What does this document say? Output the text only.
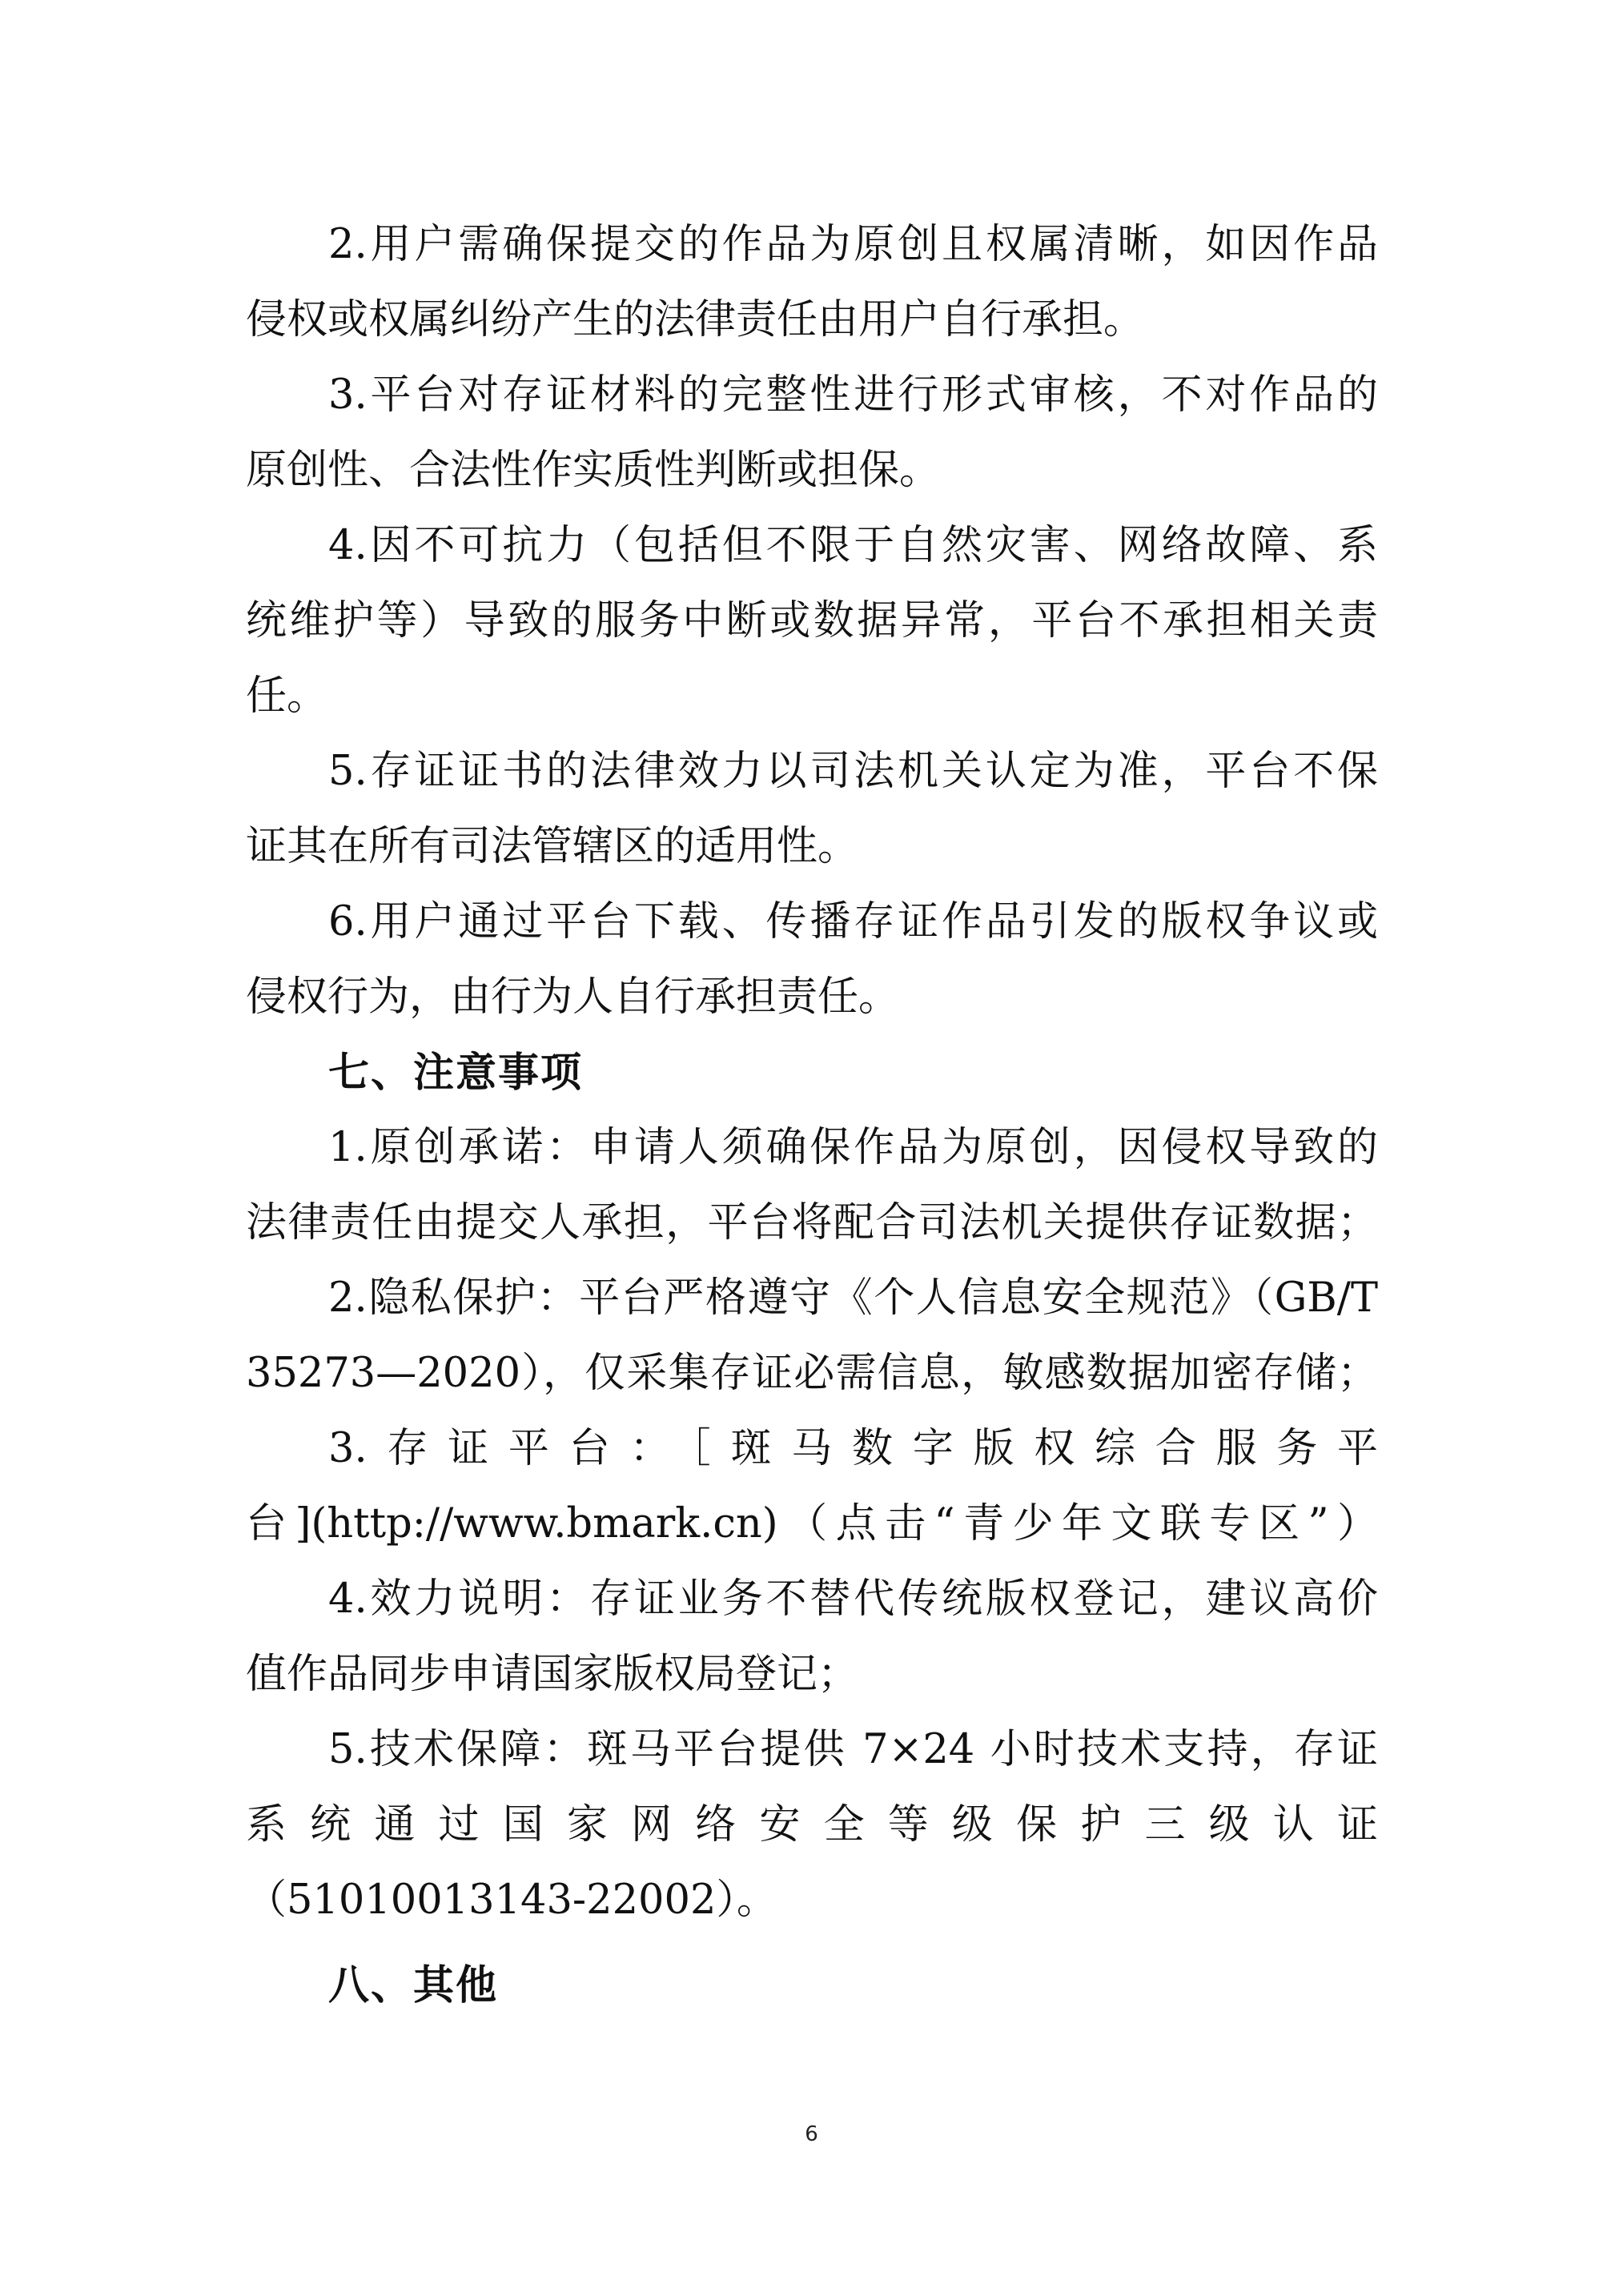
2.用户需确保提交的作品为原创且权属清晰，如因作品
侵权或权属纠纷产生的法律责任由用户自行承担。
3.平台对存证材料的完整性进行形式审核，不对作品的
原创性、合法性作实质性判断或担保。
4.因不可抗力（包括但不限于自然灾害、网络故障、系
统维护等）导致的服务中断或数据异常，平台不承担相关责
任。
5.存证证书的法律效力以司法机关认定为准，平台不保
证其在所有司法管辖区的适用性。
6.用户通过平台下载、传播存证作品引发的版权争议或
侵权行为，由行为人自行承担责任。
七、注意事项
1.原创承诺：申请人须确保作品为原创，因侵权导致的
法律责任由提交人承担，平台将配合司法机关提供存证数据；
2.隐私保护：平台严格遵守《个人信息安全规范》（GB/T
35273—2020），仅采集存证必需信息，敏感数据加密存储；
3.存证平台：［斑马数字版权综合服务平
台](http://www.bmark.cn)（点击“青少年文联专区”）
4.效力说明：存证业务不替代传统版权登记，建议高价
值作品同步申请国家版权局登记；
5.技术保障：斑马平台提供 7×24 小时技术支持，存证
系统通过国家网络安全等级保护三级认证
（51010013143-22002）。
八、其他
6
